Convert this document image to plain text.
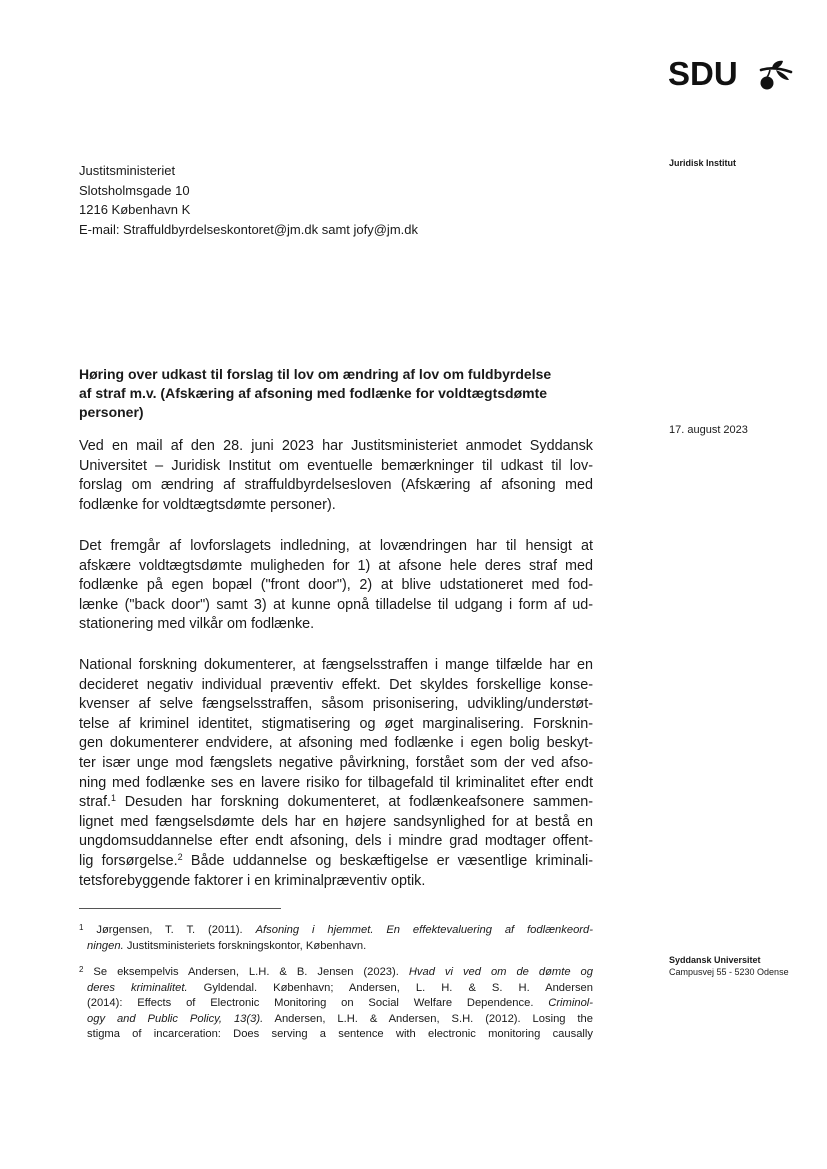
SDU
Juridisk Institut
Justitsministeriet
Slotsholmsgade 10
1216 København K
E-mail: Straffuldbyrdelseskontoret@jm.dk samt jofy@jm.dk
Høring over udkast til forslag til lov om ændring af lov om fuldbyrdelse
af straf m.v. (Afskæring af afsoning med fodlænke for voldtægtsdømte
personer)
17. august 2023
Ved en mail af den 28. juni 2023 har Justitsministeriet anmodet Syddansk
Universitet – Juridisk Institut om eventuelle bemærkninger til udkast til lov-
forslag om ændring af straffuldbyrdelsesloven (Afskæring af afsoning med
fodlænke for voldtægtsdømte personer).
Det fremgår af lovforslagets indledning, at lovændringen har til hensigt at
afskære voldtægtsdømte muligheden for 1) at afsone hele deres straf med
fodlænke på egen bopæl ("front door"), 2) at blive udstationeret med fod-
lænke ("back door") samt 3) at kunne opnå tilladelse til udgang i form af ud-
stationering med vilkår om fodlænke.
National forskning dokumenterer, at fængselsstraffen i mange tilfælde har en
decideret negativ individual præventiv effekt. Det skyldes forskellige konse-
kvenser af selve fængselsstraffen, såsom prisonisering, udvikling/understøt-
telse af kriminel identitet, stigmatisering og øget marginalisering. Forsknin-
gen dokumenterer endvidere, at afsoning med fodlænke i egen bolig beskyt-
ter især unge mod fængslets negative påvirkning, forstået som der ved afso-
ning med fodlænke ses en lavere risiko for tilbagefald til kriminalitet efter endt
straf.$^1$ Desuden har forskning dokumenteret, at fodlænkeafsonere sammen-
lignet med fængselsdømte dels har en højere sandsynlighed for at bestå en
ungdomsuddannelse efter endt afsoning, dels i mindre grad modtager offent-
lig forsørgelse.$^2$ Både uddannelse og beskæftigelse er væsentlige kriminali-
tetsforebyggende faktorer i en kriminalpræventiv optik.
$^1$ Jørgensen, T. T. (2011). Afsoning i hjemmet. En effektevaluering af fodlænkeord-
ningen. Justitsministeriets forskningskontor, København.
$^2$ Se eksempelvis Andersen, L.H. & B. Jensen (2023). Hvad vi ved om de dømte og
deres kriminalitet. Gyldendal. København; Andersen, L. H. & S. H. Andersen
(2014): Effects of Electronic Monitoring on Social Welfare Dependence. Criminol-
ogy and Public Policy, 13(3). Andersen, L.H. & Andersen, S.H. (2012). Losing the
stigma of incarceration: Does serving a sentence with electronic monitoring causally
Syddansk Universitet
Campusvej 55 - 5230 Odense
